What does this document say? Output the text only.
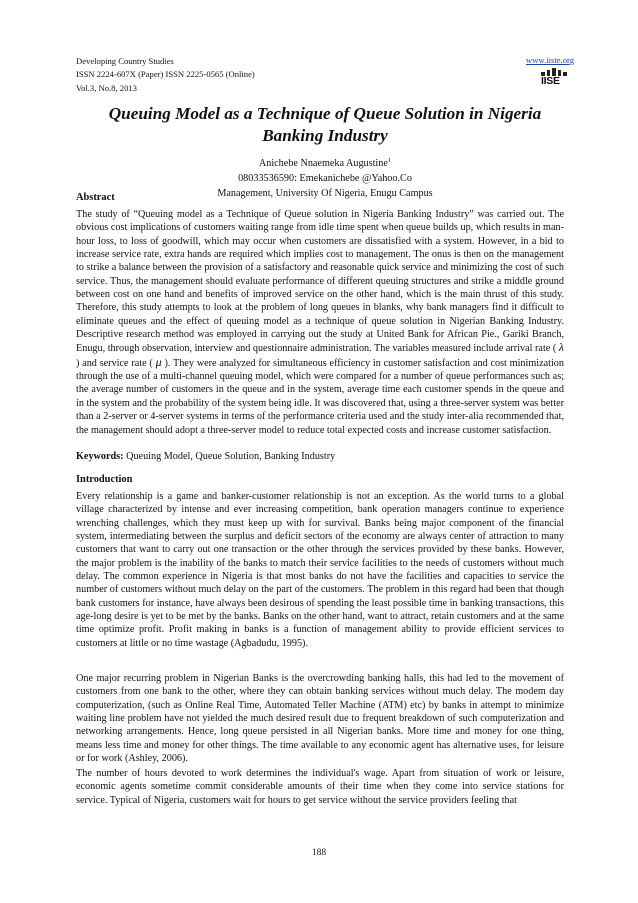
Developing Country Studies
ISSN 2224-607X (Paper) ISSN 2225-0565 (Online)
Vol.3, No.8, 2013
www.iiste.org
IISE
Queuing Model as a Technique of Queue Solution in Nigeria
Banking Industry
Anichebe Nnaemeka Augustine$^1$
08033536590: Emekanichebe @Yahoo.Co
Management, University Of Nigeria, Enugu Campus
Abstract

The study of “Queuing model as a Technique of Queue solution in Nigeria Banking Industry” was carried out. The obvious cost implications of customers waiting range from idle time spent when queue builds up, which results in man-hour loss, to loss of goodwill, which may occur when customers are dissatisfied with a system. However, in a bid to increase service rate, extra hands are required which implies cost to management. The onus is then on the management to strike a balance between the provision of a satisfactory and reasonable quick service and minimizing the cost of such service. Thus, the management should evaluate performance of different queuing structures and strike a middle ground between cost on one hand and benefits of improved service on the other hand, which is the main thrust of this study. Therefore, this study attempts to look at the problem of long queues in blanks, why bank managers find it difficult to eliminate queues and the effect of queuing model as a technique of queue solution in Nigerian Banking Industry. Descriptive research method was employed in carrying out the study at United Bank for African Pie., Gariki Branch, Enugu, through observation, interview and questionnaire administration. The variables measured include arrival rate ( λ ) and service rate ( μ ). They were analyzed for simultaneous efficiency in customer satisfaction and cost minimization through the use of a multi-channel queuing model, which were compared for a number of queue performances such as; the average number of customers in the queue and in the system, average time each customer spends in the queue and in the system and the probability of the system being idle. It was discovered that, using a three-server system was better than a 2-server or 4-server systems in terms of the performance criteria used and the study inter-alia recommended that, the management should adopt a three-server model to reduce total expected costs and increase customer satisfaction.

Keywords: Queuing Model, Queue Solution, Banking Industry
Introduction

Every relationship is a game and banker-customer relationship is not an exception. As the world turns to a global village characterized by intense and ever increasing competition, bank operation managers continue to experience wrenching challenges, which they must keep up with for survival. Banks being major component of the financial system, intermediating between the surplus and deficit sectors of the economy are always center of attraction to many customers that want to carry out one transaction or the other through the services provided by these banks. However, the major problem is the inability of the banks to match their service facilities to the needs of customers without much delay. The common experience in Nigeria is that most banks do not have the facilities and capacities to service the number of customers without much delay on the part of the customers. The problem in this regard had been that though bank customers for instance, have always been desirous of spending the least possible time in banking transactions, this age-long desire is yet to be met by the banks. Banks on the other hand, want to attract, retain customers and at the same time optimize profit. Profit making in banks is a function of management ability to provide efficient services to customers at little or no time wastage (Agbadudu, 1995).

One major recurring problem in Nigerian Banks is the overcrowding banking halls, this had led to the movement of customers from one bank to the other, where they can obtain banking services without much delay. The modem day computerization, (such as Online Real Time, Automated Teller Machine (ATM) etc) by banks in attempt to minimize waiting line problem have not yielded the much desired result due to frequent breakdown of such computerization and networking arrangements. Hence, long queue persisted in all Nigerian banks. More time and money for one thing, means less time and money for other things. The time available to any economic agent has alternative uses, for leisure or for work (Ashley, 2006).

The number of hours devoted to work determines the individual's wage. Apart from situation of work or leisure, economic agents sometime commit considerable amounts of their time when they come into service stations for service. Typical of Nigeria, customers wait for hours to get service without the service providers feeling that

188
